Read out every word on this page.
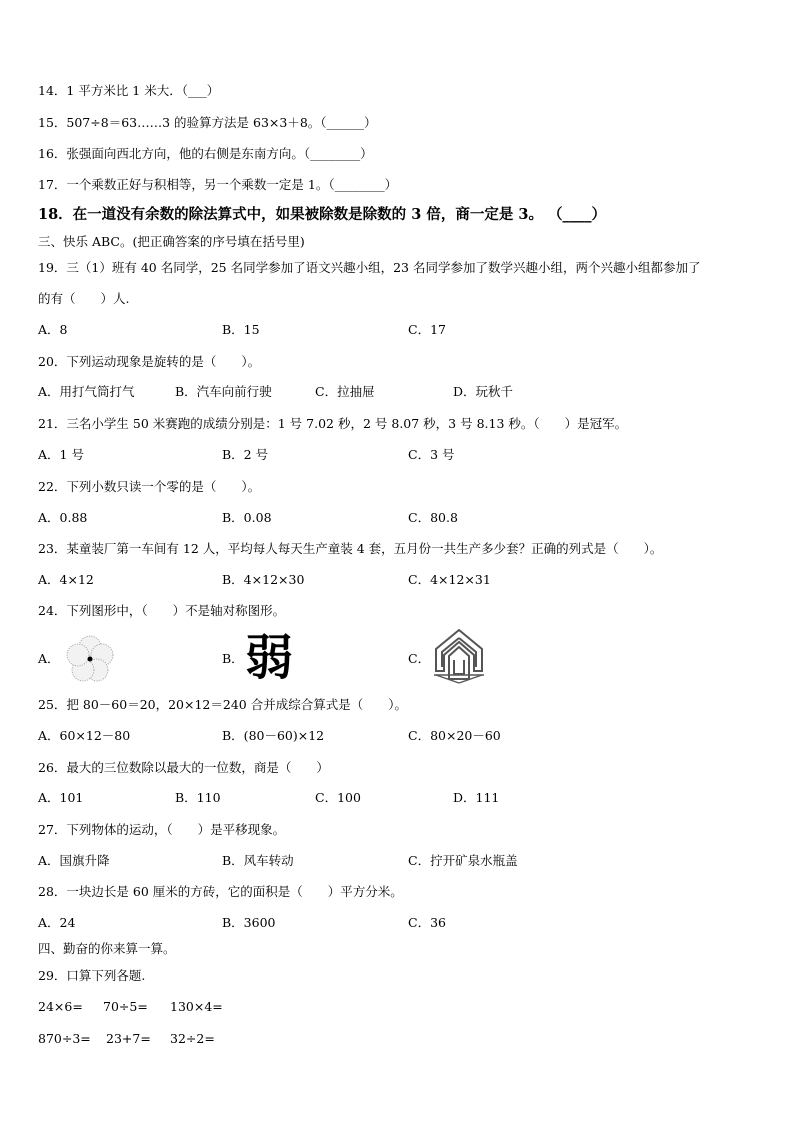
14．1 平方米比 1 米大．（___）
15．507÷8＝63……3 的验算方法是 63×3＋8。（______）
16．张强面向西北方向，他的右侧是东南方向。（________）
17．一个乘数正好与积相等，另一个乘数一定是 1。（________）
18．在一道没有余数的除法算式中，如果被除数是除数的 3 倍，商一定是 3。 （____）
三、快乐 ABC。(把正确答案的序号填在括号里)
19．三（1）班有 40 名同学，25 名同学参加了语文兴趣小组，23 名同学参加了数学兴趣小组，两个兴趣小组都参加了
的有（　　）人.
A．8	B．15	C．17
20．下列运动现象是旋转的是（　　）。
A．用打气筒打气	B．汽车向前行驶	C．拉抽屉	D．玩秋千
21．三名小学生 50 米赛跑的成绩分别是：1 号 7.02 秒，2 号 8.07 秒，3 号 8.13 秒。（　　）是冠军。
A．1 号	B．2 号	C．3 号
22．下列小数只读一个零的是（　　）。
A．0.88	B．0.08	C．80.8
23．某童装厂第一车间有 12 人，平均每人每天生产童装 4 套，五月份一共生产多少套？正确的列式是（　　）。
A．4×12	B．4×12×30	C．4×12×31
24．下列图形中，（　　）不是轴对称图形。
A．	B． 弱	C．
25．把 80－60＝20，20×12＝240 合并成综合算式是（　　）。
A．60×12－80	B．(80－60)×12	C．80×20－60
26．最大的三位数除以最大的一位数，商是（　　）
A．101	B．110	C．100	D．111
27．下列物体的运动，（　　）是平移现象。
A．国旗升降	B．风车转动	C．拧开矿泉水瓶盖
28．一块边长是 60 厘米的方砖，它的面积是（　　）平方分米。
A．24	B．3600	C．36
四、勤奋的你来算一算。
29．口算下列各题.
24×6= 70÷5= 130×4=
870÷3= 23+7= 32÷2=
